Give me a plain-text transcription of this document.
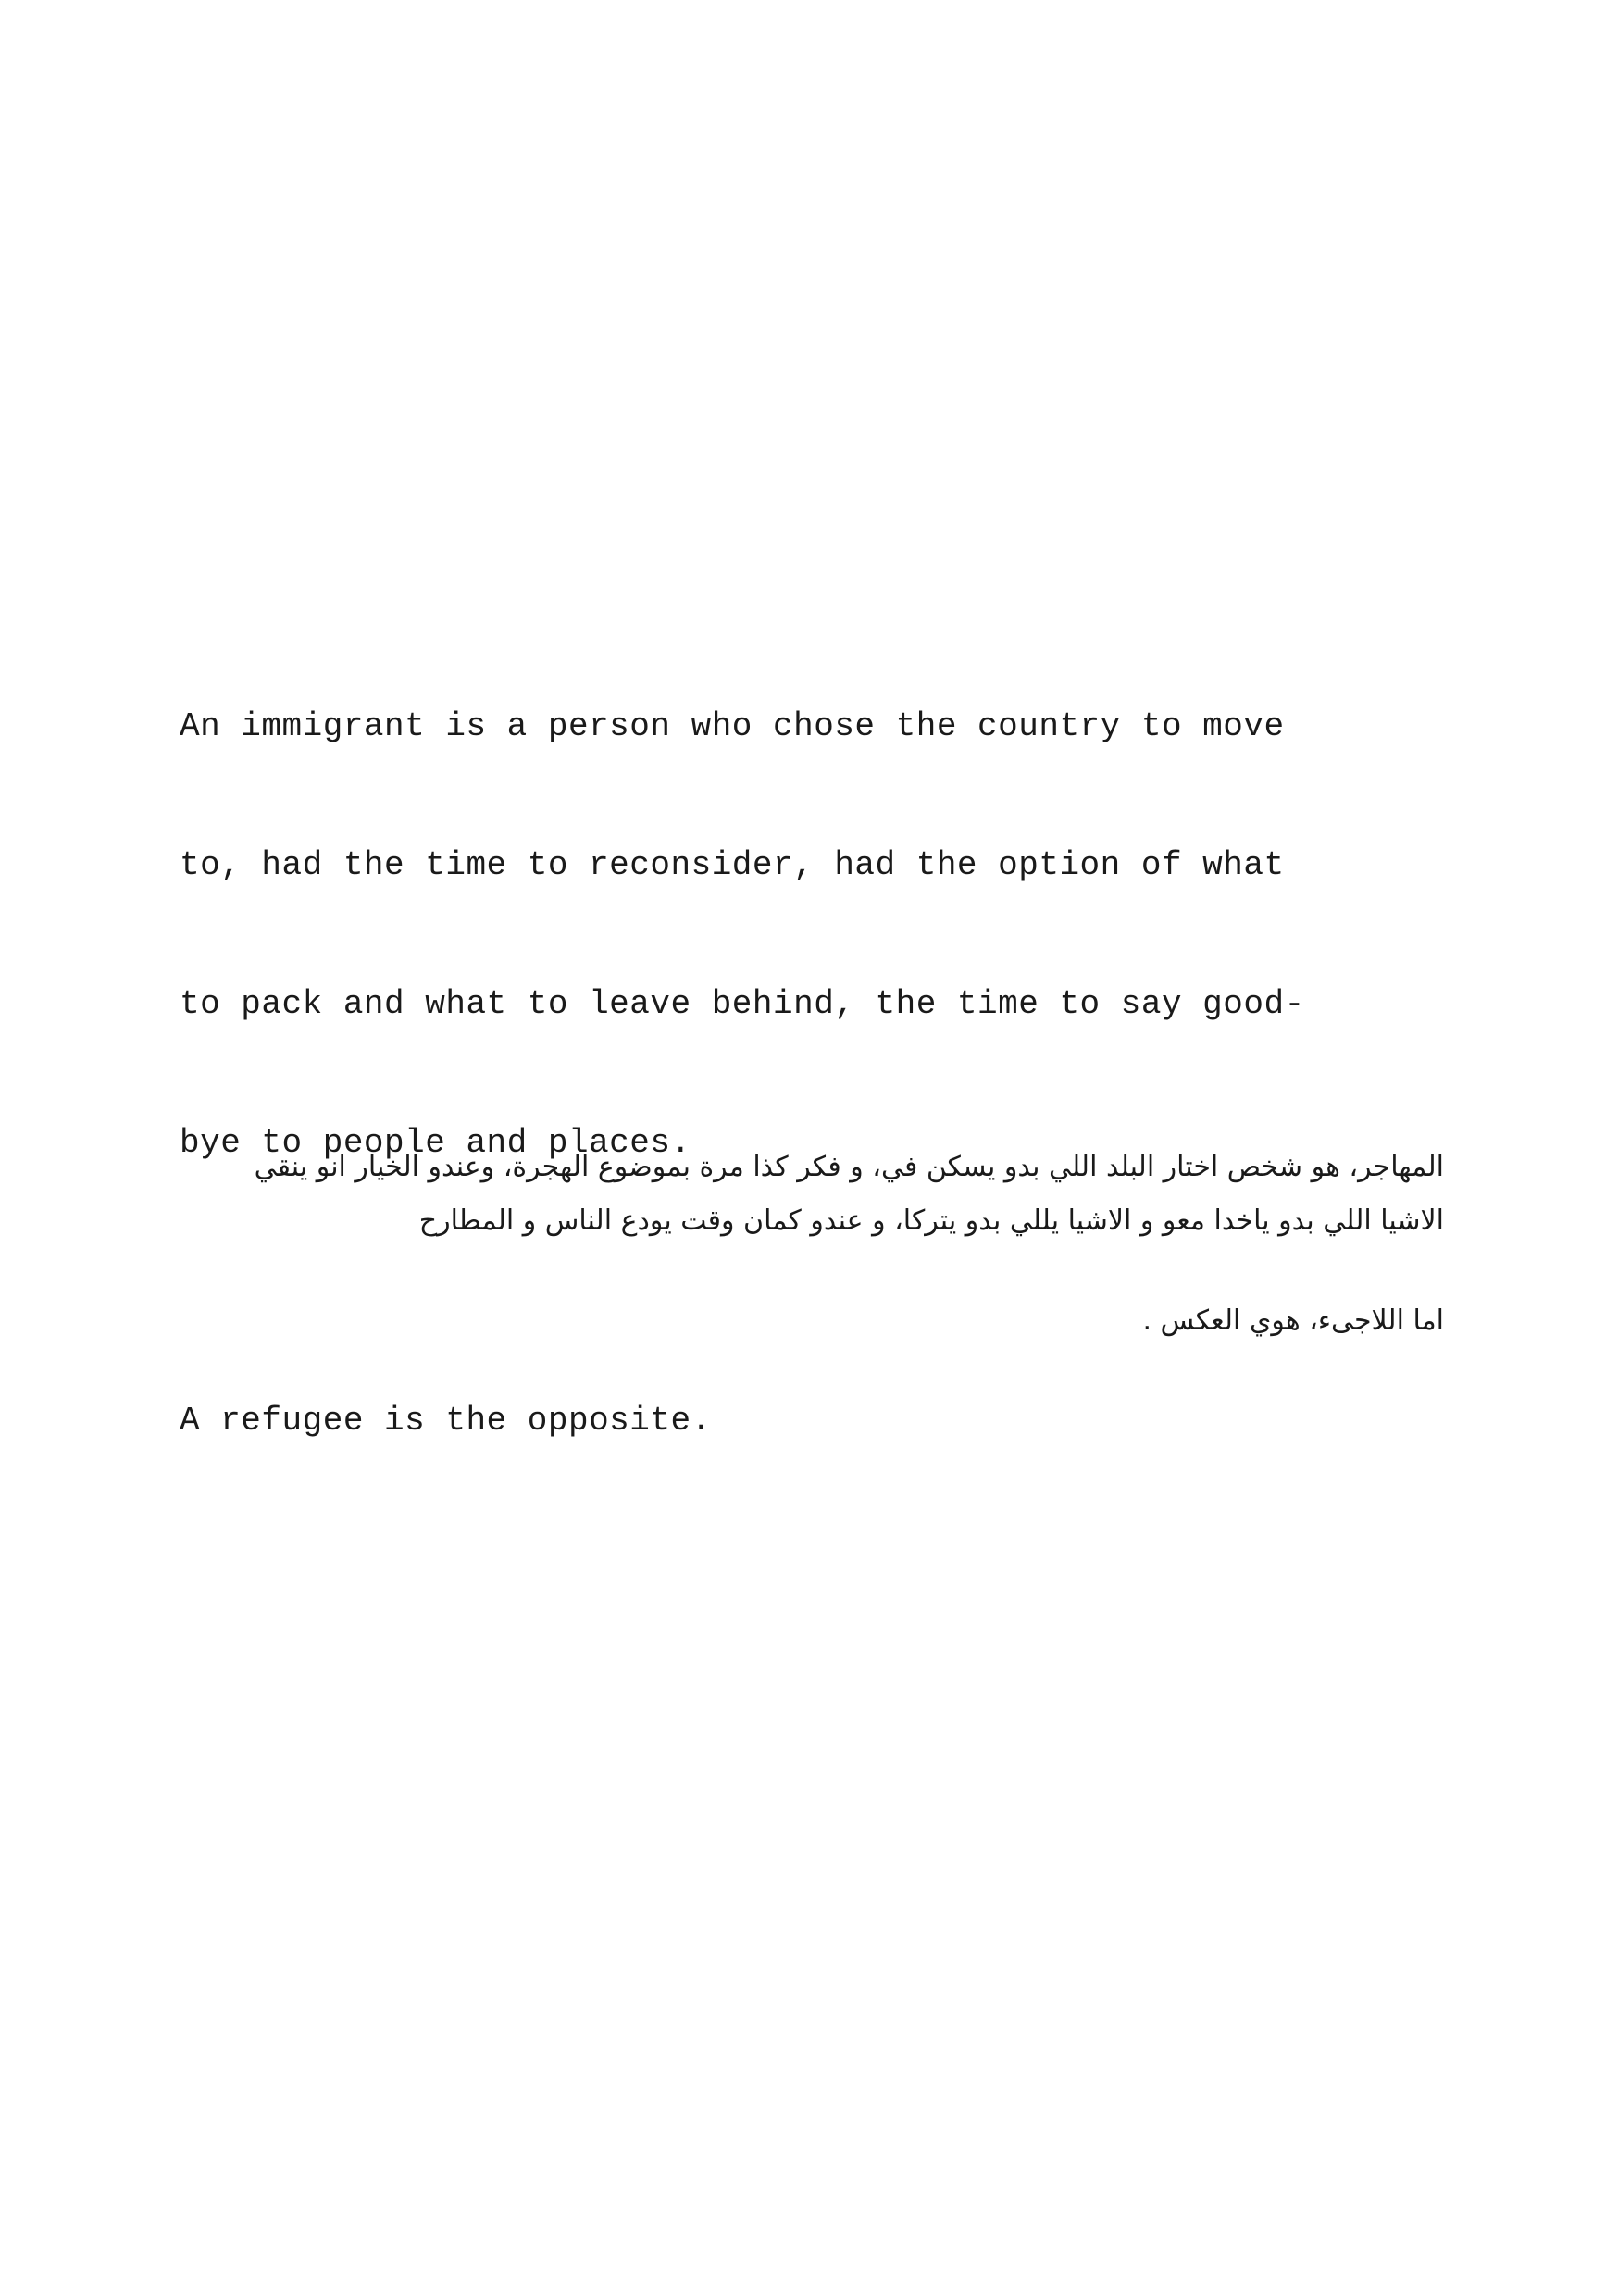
An immigrant is a person who chose the country to move

to, had the time to reconsider, had the option of what

to pack and what to leave behind, the time to say good-

bye to people and places.

A refugee is the opposite.

المهاجر، هو شخص اختار البلد اللي بدو يسكن في، و فكر كذا مرة بموضوع الهجرة، وعندو الخيار انو ينقي

الاشيا اللي بدو ياخدا معو و الاشيا يللي بدو يتركا، و عندو كمان وقت يودع الناس و المطارح

اما اللاجىء، هوي العكس .
